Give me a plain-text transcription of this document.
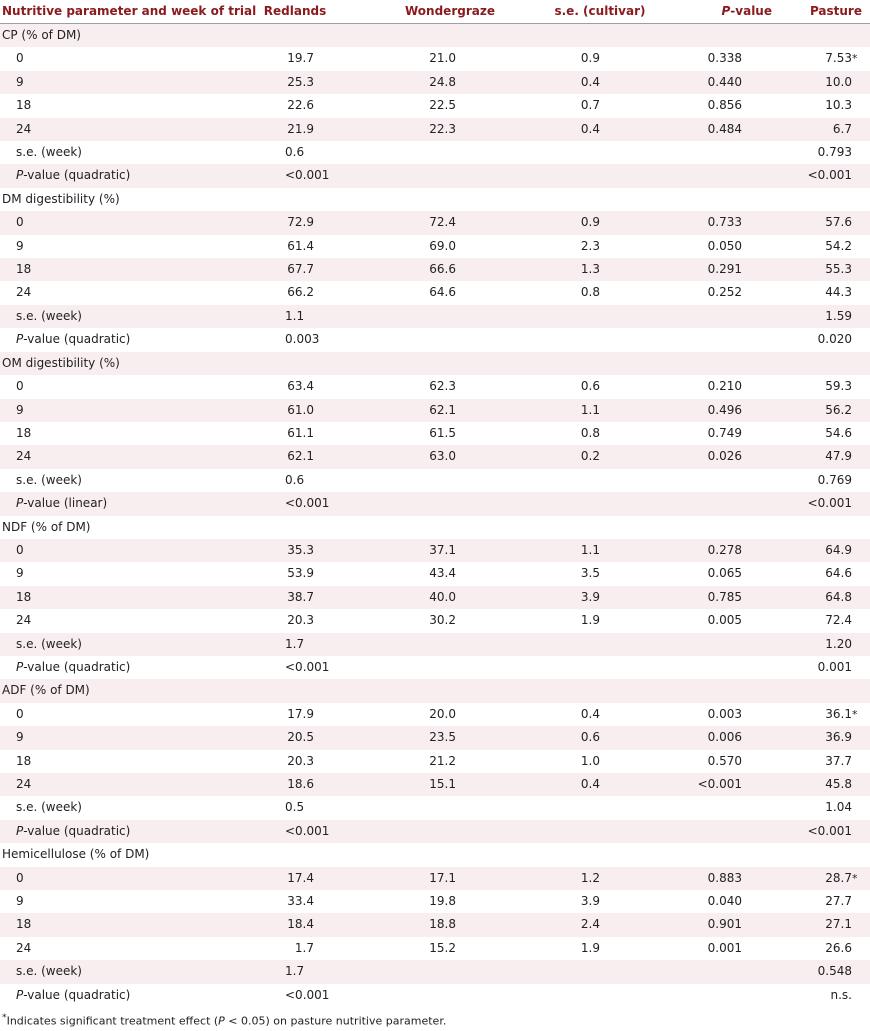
Nutritive parameter and week of trial	Redlands	Wondergraze	s.e. (cultivar)	P-value	Pasture
CP (% of DM)					
0	19.7	21.0	0.9	0.338	7.53*
9	25.3	24.8	0.4	0.440	10.0
18	22.6	22.5	0.7	0.856	10.3
24	21.9	22.3	0.4	0.484	6.7
s.e. (week)	0.6				0.793
P-value (quadratic)	<0.001				<0.001
DM digestibility (%)					
0	72.9	72.4	0.9	0.733	57.6
9	61.4	69.0	2.3	0.050	54.2
18	67.7	66.6	1.3	0.291	55.3
24	66.2	64.6	0.8	0.252	44.3
s.e. (week)	1.1				1.59
P-value (quadratic)	0.003				0.020
OM digestibility (%)					
0	63.4	62.3	0.6	0.210	59.3
9	61.0	62.1	1.1	0.496	56.2
18	61.1	61.5	0.8	0.749	54.6
24	62.1	63.0	0.2	0.026	47.9
s.e. (week)	0.6				0.769
P-value (linear)	<0.001				<0.001
NDF (% of DM)					
0	35.3	37.1	1.1	0.278	64.9
9	53.9	43.4	3.5	0.065	64.6
18	38.7	40.0	3.9	0.785	64.8
24	20.3	30.2	1.9	0.005	72.4
s.e. (week)	1.7				1.20
P-value (quadratic)	<0.001				0.001
ADF (% of DM)					
0	17.9	20.0	0.4	0.003	36.1*
9	20.5	23.5	0.6	0.006	36.9
18	20.3	21.2	1.0	0.570	37.7
24	18.6	15.1	0.4	<0.001	45.8
s.e. (week)	0.5				1.04
P-value (quadratic)	<0.001				<0.001
Hemicellulose (% of DM)					
0	17.4	17.1	1.2	0.883	28.7*
9	33.4	19.8	3.9	0.040	27.7
18	18.4	18.8	2.4	0.901	27.1
24	1.7	15.2	1.9	0.001	26.6
s.e. (week)	1.7				0.548
P-value (quadratic)	<0.001				n.s.
*Indicates significant treatment effect (P < 0.05) on pasture nutritive parameter.
